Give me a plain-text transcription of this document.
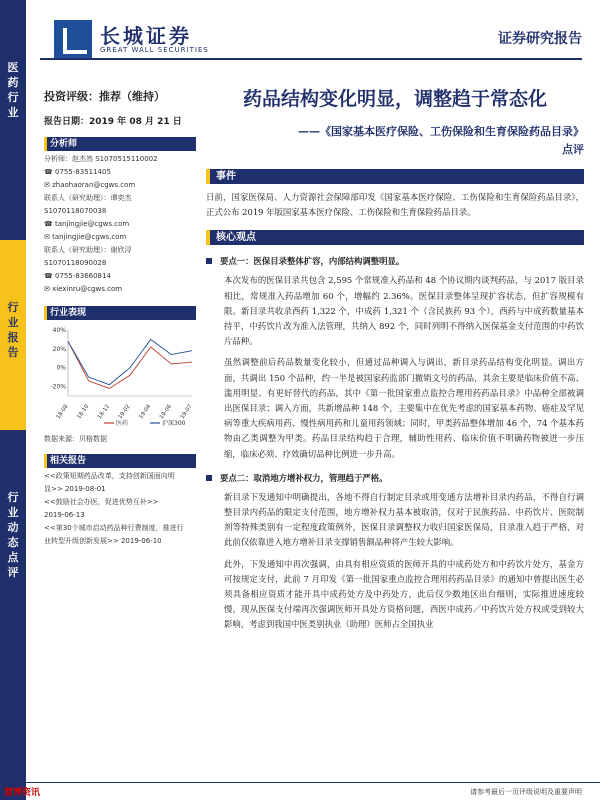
长城证券
GREAT WALL SECURITIES
证券研究报告
医
药
行
业
行
业
报
告
行
业
动
态
点
评
投资评级：推荐（维持）
报告日期：2019 年 08 月 21 日
分析师
分析师：赵杰然 S1070515110002
☎ 0755-83511405
✉ zhaohaoran@cgws.com
联系人（研究助理）：谭奕杰
S1070118070038
☎ tanjingjie@cgws.com
✉ tanjingjie@cgws.com
联系人（研究助理）：谢欣浔
S1070118090028
☎ 0755-83660814
✉ xiexinru@cgws.com
行业表现
40%
20%
0%
-20%
18-08 18-10 18-12 19-02 19-04 19-06 19-07
医药	沪深300
数据来源：贝格数据
相关报告
<<政策短期药品改革，支持创新国面向明
显>> 2019-08-01
<<鼓励社会办医，促进优势互补>>
2019-06-13
<<第30个城市启动药品种行费制度，推进行
业转型升级创新发展>> 2019-06-10
药品结构变化明显，调整趋于常态化
——《国家基本医疗保险、工伤保险和生育保险药品目录》
点评
事件
日前，国家医保局、人力资源社会保障部印发《国家基本医疗保险、工伤保险和生育保险药品目录》，正式公布 2019 年版国家基本医疗保险、工伤保险和生育保险药品目录。
核心观点
要点一：医保目录整体扩容，内部结构调整明显。
本次发布的医保目录共包含 2,595 个常规准入药品和 48 个协议期内谈判药品，与 2017 版目录相比，常规准入药品增加 60 个，增幅约 2.36%。医保目录整体呈现扩容状态，但扩容规模有限。新目录共收录西药 1,322 个，中成药 1,321 个（含民族药 93 个），西药与中成药数量基本持平，中药饮片改为准入法管理，共纳入 892 个，同时列明不得纳入医保基金支付范围的中药饮片品种。
虽然调整前后药品数量变化较小，但通过品种调入与调出，新目录药品结构变化明显。调出方面，共调出 150 个品种，约一半是被国家药监部门撤销文号的药品，其余主要是临床价值不高、滥用明显、有更好替代的药品，其中《第一批国家重点监控合理用药药品目录》中品种全部被调出医保目录；调入方面，共新增品种 148 个，主要集中在优先考虑的国家基本药物、癌症及罕见病等重大疾病用药、慢性病用药和儿童用药领域；同时，甲类药品整体增加 46 个，74 个基本药物由乙类调整为甲类。药品目录结构趋于合理，辅助性用药、临床价值不明确药物被进一步压缩，临床必须、疗效确切品种比例进一步升高。
要点二：取消地方增补权力，管理趋于严格。
新目录下发通知中明确提出，各地不得自行制定目录或用变通方法增补目录内药品，不得自行调整目录内药品的限定支付范围，地方增补权力基本被取消，仅对于民族药品、中药饮片、医院制剂等特殊类别有一定程度政策例外，医保目录调整权力收归国家医保局，目录准入趋于严格，对此前仅依靠进入地方增补目录支撑销售额品种将产生较大影响。
此外，下发通知中再次强调，由具有相应资质的医师开具的中成药处方和中药饮片处方，基金方可按规定支付，此前 7 月印发《第一批国家重点监控合理用药药品目录》的通知中曾提出医生必须具备相应资质才能开具中成药处方及中药处方，此后仅少数地区出台细则，实际推进速度较慢，现从医保支付端再次强调医师开具处方资格问题，西医中成药／中药饮片处方权或受到较大影响，考虑到我国中医类别执业（助理）医师占全国执业
慧博资讯	请参考最后一页评级说明及重要声明
